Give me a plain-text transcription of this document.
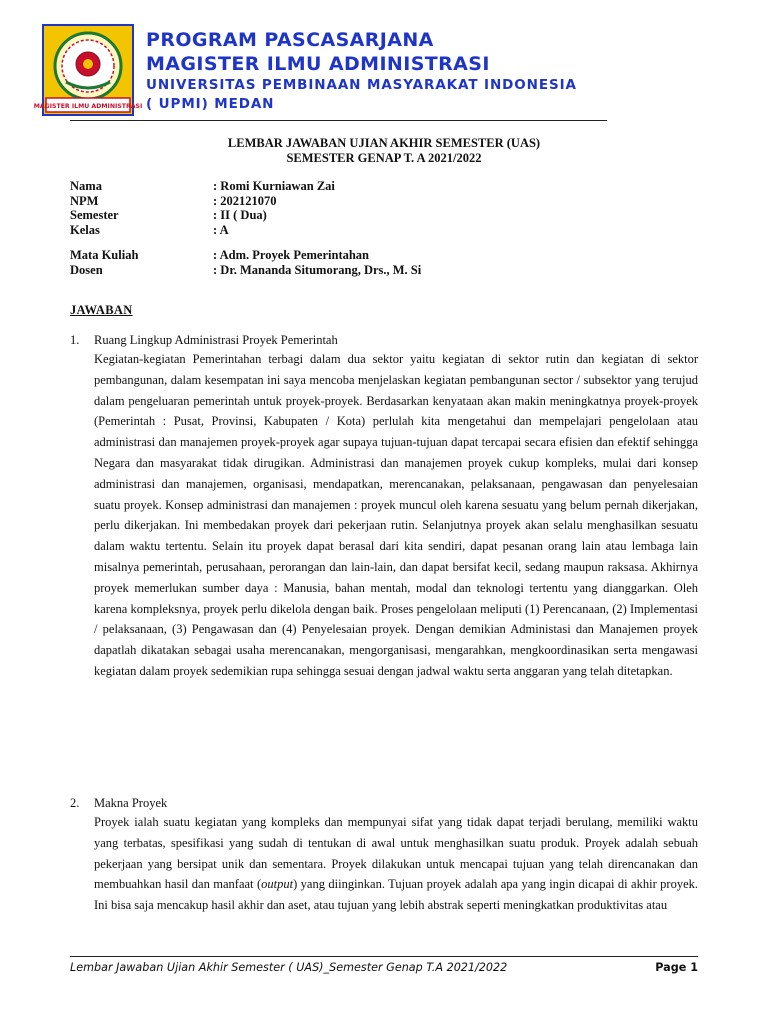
MAGISTER ILMU ADMINISTRASI
PROGRAM PASCASARJANA
MAGISTER ILMU ADMINISTRASI
UNIVERSITAS PEMBINAAN MASYARAKAT INDONESIA
( UPMI) MEDAN
LEMBAR JAWABAN UJIAN AKHIR SEMESTER (UAS)
SEMESTER GENAP T. A 2021/2022
Nama	: Romi Kurniawan Zai
NPM	: 202121070
Semester	: II ( Dua)
Kelas	: A
Mata Kuliah	: Adm. Proyek Pemerintahan
Dosen	: Dr. Mananda Situmorang, Drs., M. Si
JAWABAN
1. Ruang Lingkup Administrasi Proyek Pemerintah
Kegiatan-kegiatan Pemerintahan terbagi dalam dua sektor yaitu kegiatan di sektor rutin dan kegiatan di sektor pembangunan, dalam kesempatan ini saya mencoba menjelaskan kegiatan pembangunan sector / subsektor yang terujud dalam pengeluaran pemerintah untuk proyek-proyek. Berdasarkan kenyataan akan makin meningkatnya proyek-proyek (Pemerintah : Pusat, Provinsi, Kabupaten / Kota) perlulah kita mengetahui dan mempelajari pengelolaan atau administrasi dan manajemen proyek-proyek agar supaya tujuan-tujuan dapat tercapai secara efisien dan efektif sehingga Negara dan masyarakat tidak dirugikan. Administrasi dan manajemen proyek cukup kompleks, mulai dari konsep administrasi dan manajemen, organisasi, mendapatkan, merencanakan, pelaksanaan, pengawasan dan penyelesaian suatu proyek. Konsep administrasi dan manajemen : proyek muncul oleh karena sesuatu yang belum pernah dikerjakan, perlu dikerjakan. Ini membedakan proyek dari pekerjaan rutin. Selanjutnya proyek akan selalu menghasilkan sesuatu dalam waktu tertentu. Selain itu proyek dapat berasal dari kita sendiri, dapat pesanan orang lain atau lembaga lain misalnya pemerintah, perusahaan, perorangan dan lain-lain, dan dapat bersifat kecil, sedang maupun raksasa. Akhirnya proyek memerlukan sumber daya : Manusia, bahan mentah, modal dan teknologi tertentu yang dianggarkan. Oleh karena kompleksnya, proyek perlu dikelola dengan baik. Proses pengelolaan meliputi (1) Perencanaan, (2) Implementasi / pelaksanaan, (3) Pengawasan dan (4) Penyelesaian proyek. Dengan demikian Administasi dan Manajemen proyek dapatlah dikatakan sebagai usaha merencanakan, mengorganisasi, mengarahkan, mengkoordinasikan serta mengawasi kegiatan dalam proyek sedemikian rupa sehingga sesuai dengan jadwal waktu serta anggaran yang telah ditetapkan.
2. Makna Proyek
Proyek ialah suatu kegiatan yang kompleks dan mempunyai sifat yang tidak dapat terjadi berulang, memiliki waktu yang terbatas, spesifikasi yang sudah di tentukan di awal untuk menghasilkan suatu produk. Proyek adalah sebuah pekerjaan yang bersipat unik dan sementara. Proyek dilakukan untuk mencapai tujuan yang telah direncanakan dan membuahkan hasil dan manfaat (output) yang diinginkan. Tujuan proyek adalah apa yang ingin dicapai di akhir proyek. Ini bisa saja mencakup hasil akhir dan aset, atau tujuan yang lebih abstrak seperti meningkatkan produktivitas atau
Lembar Jawaban Ujian Akhir Semester ( UAS)_Semester Genap T.A 2021/2022	Page 1
